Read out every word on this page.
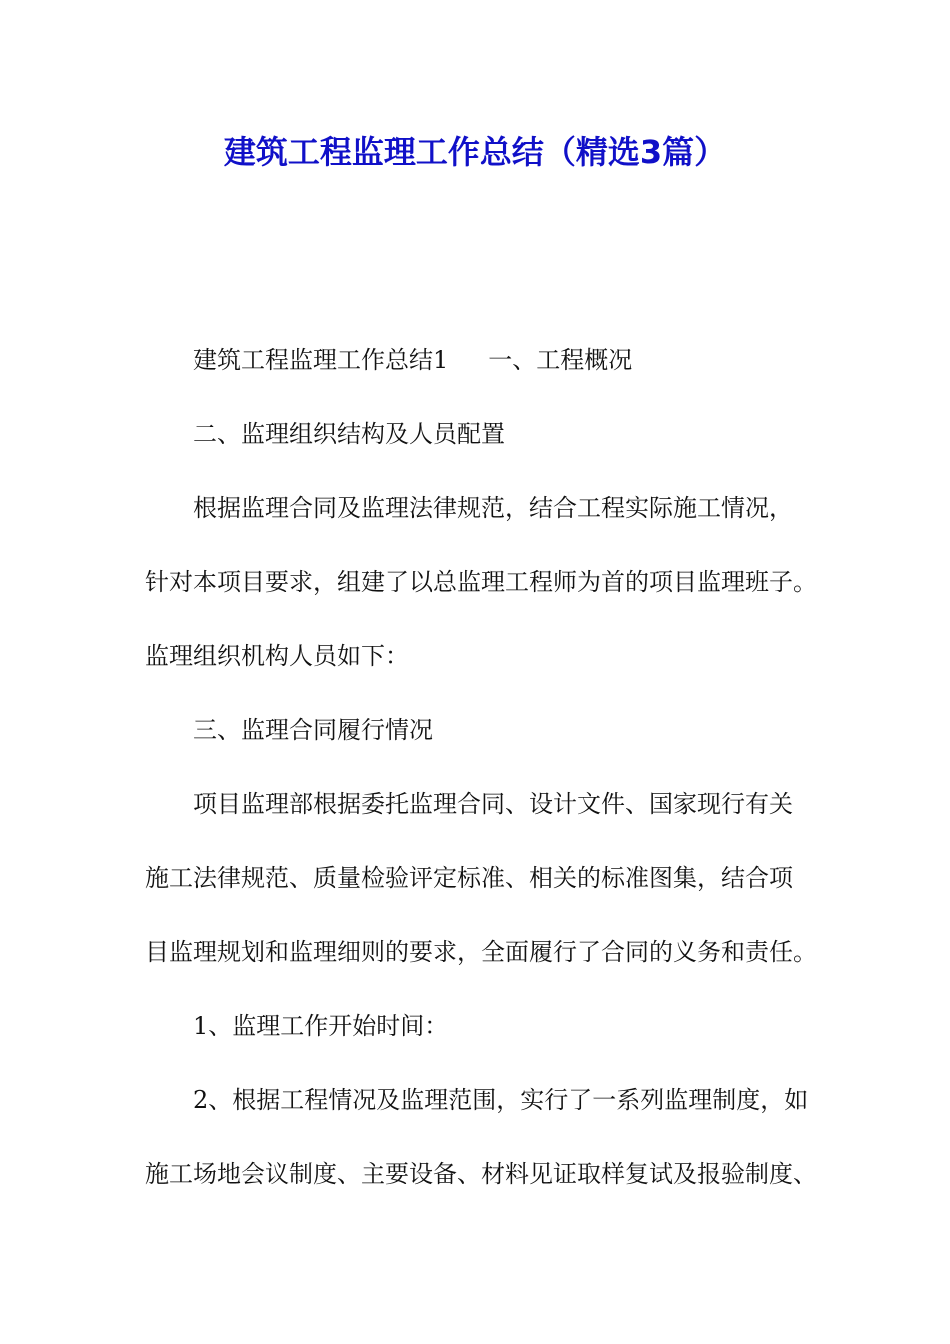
建筑工程监理工作总结（精选3篇）
建筑工程监理工作总结1 一、工程概况
二、监理组织结构及人员配置
根据监理合同及监理法律规范，结合工程实际施工情况，
针对本项目要求，组建了以总监理工程师为首的项目监理班子。
监理组织机构人员如下：
三、监理合同履行情况
项目监理部根据委托监理合同、设计文件、国家现行有关
施工法律规范、质量检验评定标准、相关的标准图集，结合项
目监理规划和监理细则的要求，全面履行了合同的义务和责任。
1、监理工作开始时间：
2、根据工程情况及监理范围，实行了一系列监理制度，如
施工场地会议制度、主要设备、材料见证取样复试及报验制度、
